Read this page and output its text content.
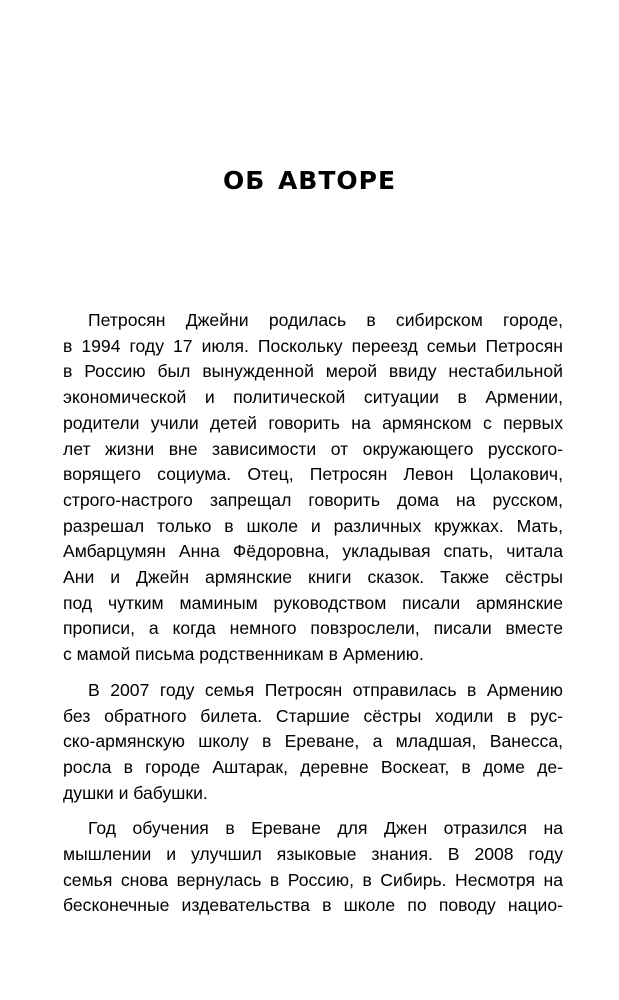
ОБ АВТОРЕ

Петросян Джейни родилась в сибирском городе,
в 1994 году 17 июля. Поскольку переезд семьи Петросян
в Россию был вынужденной мерой ввиду нестабильной
экономической и политической ситуации в Армении,
родители учили детей говорить на армянском с первых
лет жизни вне зависимости от окружающего русского-
ворящего социума. Отец, Петросян Левон Цолакович,
строго-настрого запрещал говорить дома на русском,
разрешал только в школе и различных кружках. Мать,
Амбарцумян Анна Фёдоровна, укладывая спать, читала
Ани и Джейн армянские книги сказок. Также сёстры
под чутким маминым руководством писали армянские
прописи, а когда немного повзрослели, писали вместе
с мамой письма родственникам в Армению.

В 2007 году семья Петросян отправилась в Армению
без обратного билета. Старшие сёстры ходили в рус-
ско-армянскую школу в Ереване, а младшая, Ванесса,
росла в городе Аштарак, деревне Воскеат, в доме де-
душки и бабушки.

Год обучения в Ереване для Джен отразился на
мышлении и улучшил языковые знания. В 2008 году
семья снова вернулась в Россию, в Сибирь. Несмотря на
бесконечные издевательства в школе по поводу нацио-
